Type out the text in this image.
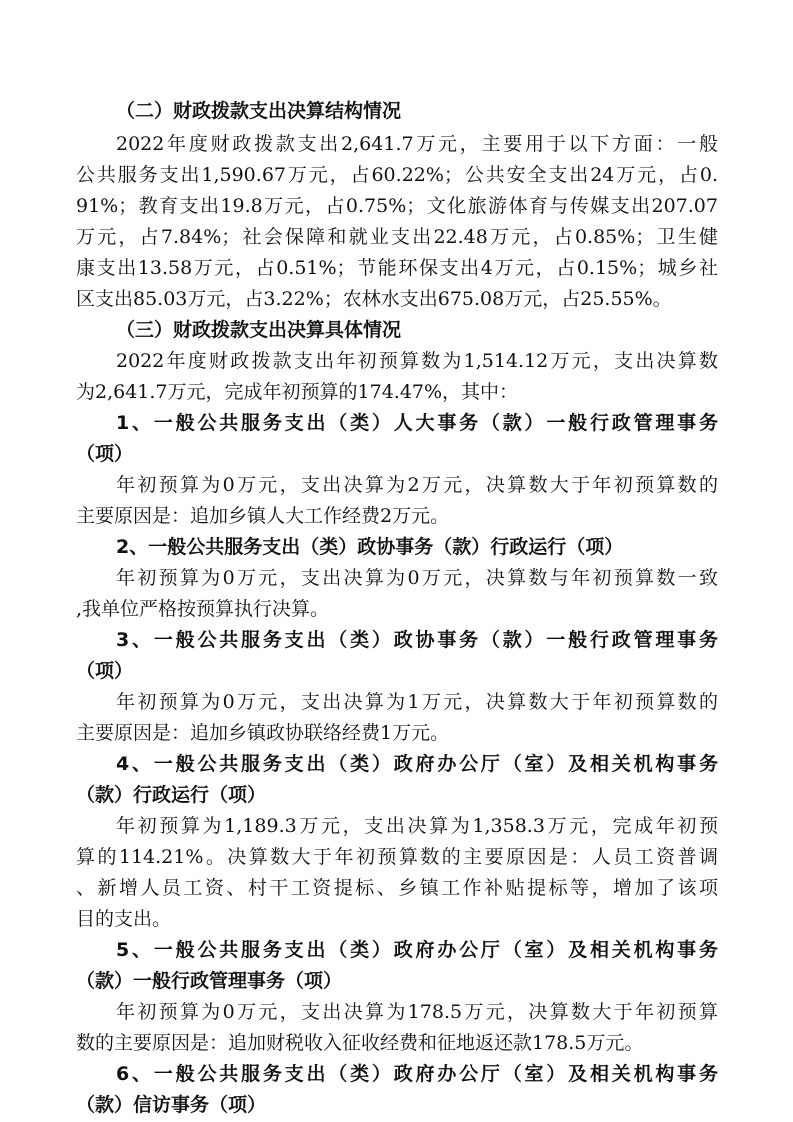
（二）财政拨款支出决算结构情况
2022年度财政拨款支出2,641.7万元，主要用于以下方面：一般
公共服务支出1,590.67万元，占60.22%；公共安全支出24万元，占0.
91%；教育支出19.8万元，占0.75%；文化旅游体育与传媒支出207.07
万元，占7.84%；社会保障和就业支出22.48万元，占0.85%；卫生健
康支出13.58万元，占0.51%；节能环保支出4万元，占0.15%；城乡社
区支出85.03万元，占3.22%；农林水支出675.08万元，占25.55%。
（三）财政拨款支出决算具体情况
2022年度财政拨款支出年初预算数为1,514.12万元，支出决算数
为2,641.7万元，完成年初预算的174.47%，其中：
1、一般公共服务支出（类）人大事务（款）一般行政管理事务
（项）
年初预算为0万元，支出决算为2万元，决算数大于年初预算数的
主要原因是：追加乡镇人大工作经费2万元。
2、一般公共服务支出（类）政协事务（款）行政运行（项）
年初预算为0万元，支出决算为0万元，决算数与年初预算数一致
,我单位严格按预算执行决算。
3、一般公共服务支出（类）政协事务（款）一般行政管理事务
（项）
年初预算为0万元，支出决算为1万元，决算数大于年初预算数的
主要原因是：追加乡镇政协联络经费1万元。
4、一般公共服务支出（类）政府办公厅（室）及相关机构事务
（款）行政运行（项）
年初预算为1,189.3万元，支出决算为1,358.3万元，完成年初预
算的114.21%。决算数大于年初预算数的主要原因是：人员工资普调
、新增人员工资、村干工资提标、乡镇工作补贴提标等，增加了该项
目的支出。
5、一般公共服务支出（类）政府办公厅（室）及相关机构事务
（款）一般行政管理事务（项）
年初预算为0万元，支出决算为178.5万元，决算数大于年初预算
数的主要原因是：追加财税收入征收经费和征地返还款178.5万元。
6、一般公共服务支出（类）政府办公厅（室）及相关机构事务
（款）信访事务（项）
